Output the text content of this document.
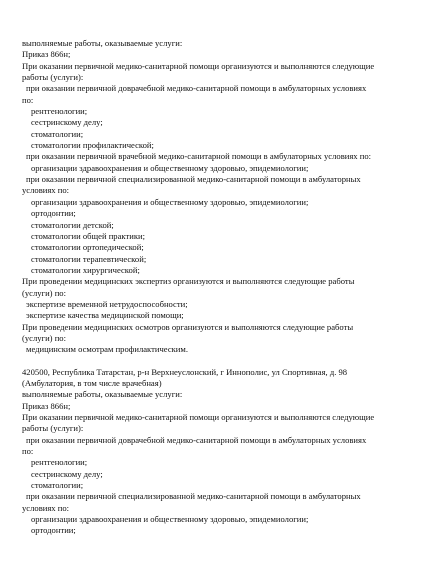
выполняемые работы, оказываемые услуги:
Приказ 866н;
При оказании первичной медико-санитарной помощи организуются и выполняются следующие
работы (услуги):
при оказании первичной доврачебной медико-санитарной помощи в амбулаторных условиях
по:
рентгенологии;
сестринскому делу;
стоматологии;
стоматологии профилактической;
при оказании первичной врачебной медико-санитарной помощи в амбулаторных условиях по:
организации здравоохранения и общественному здоровью, эпидемиологии;
при оказании первичной специализированной медико-санитарной помощи в амбулаторных
условиях по:
организации здравоохранения и общественному здоровью, эпидемиологии;
ортодонтии;
стоматологии детской;
стоматологии общей практики;
стоматологии ортопедической;
стоматологии терапевтической;
стоматологии хирургической;
При проведении медицинских экспертиз организуются и выполняются следующие работы
(услуги) по:
экспертизе временной нетрудоспособности;
экспертизе качества медицинской помощи;
При проведении медицинских осмотров организуются и выполняются следующие работы
(услуги) по:
медицинским осмотрам профилактическим.
420500, Республика Татарстан, р-н Верхнеуслонский, г Иннополис, ул Спортивная, д. 98
(Амбулатория, в том числе врачебная)
выполняемые работы, оказываемые услуги:
Приказ 866н;
При оказании первичной медико-санитарной помощи организуются и выполняются следующие
работы (услуги):
при оказании первичной доврачебной медико-санитарной помощи в амбулаторных условиях
по:
рентгенологии;
сестринскому делу;
стоматологии;
при оказании первичной специализированной медико-санитарной помощи в амбулаторных
условиях по:
организации здравоохранения и общественному здоровью, эпидемиологии;
ортодонтии;
